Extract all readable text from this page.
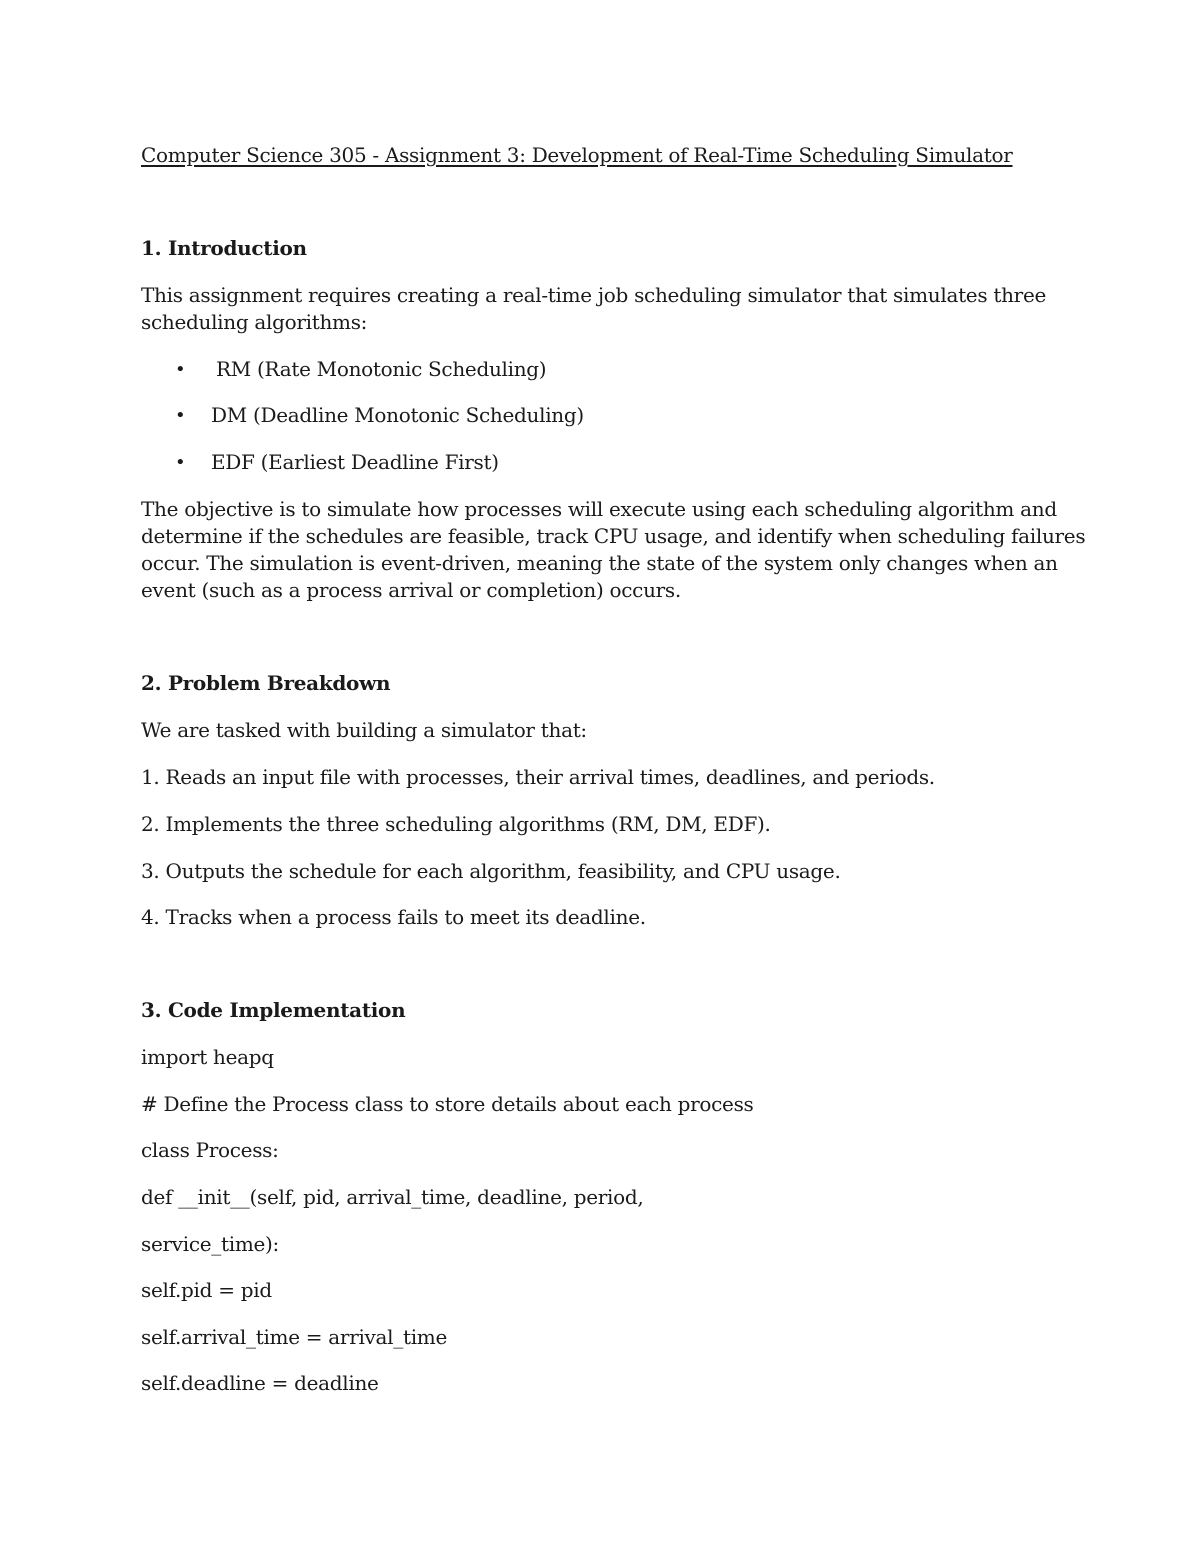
Computer Science 305 - Assignment 3: Development of Real-Time Scheduling Simulator
1. Introduction
This assignment requires creating a real-time job scheduling simulator that simulates three
scheduling algorithms:
• RM (Rate Monotonic Scheduling)
• DM (Deadline Monotonic Scheduling)
• EDF (Earliest Deadline First)
The objective is to simulate how processes will execute using each scheduling algorithm and
determine if the schedules are feasible, track CPU usage, and identify when scheduling failures
occur. The simulation is event-driven, meaning the state of the system only changes when an
event (such as a process arrival or completion) occurs.
2. Problem Breakdown
We are tasked with building a simulator that:
1. Reads an input file with processes, their arrival times, deadlines, and periods.
2. Implements the three scheduling algorithms (RM, DM, EDF).
3. Outputs the schedule for each algorithm, feasibility, and CPU usage.
4. Tracks when a process fails to meet its deadline.
3. Code Implementation
import heapq
# Define the Process class to store details about each process
class Process:
def __init__(self, pid, arrival_time, deadline, period,
service_time):
self.pid = pid
self.arrival_time = arrival_time
self.deadline = deadline
